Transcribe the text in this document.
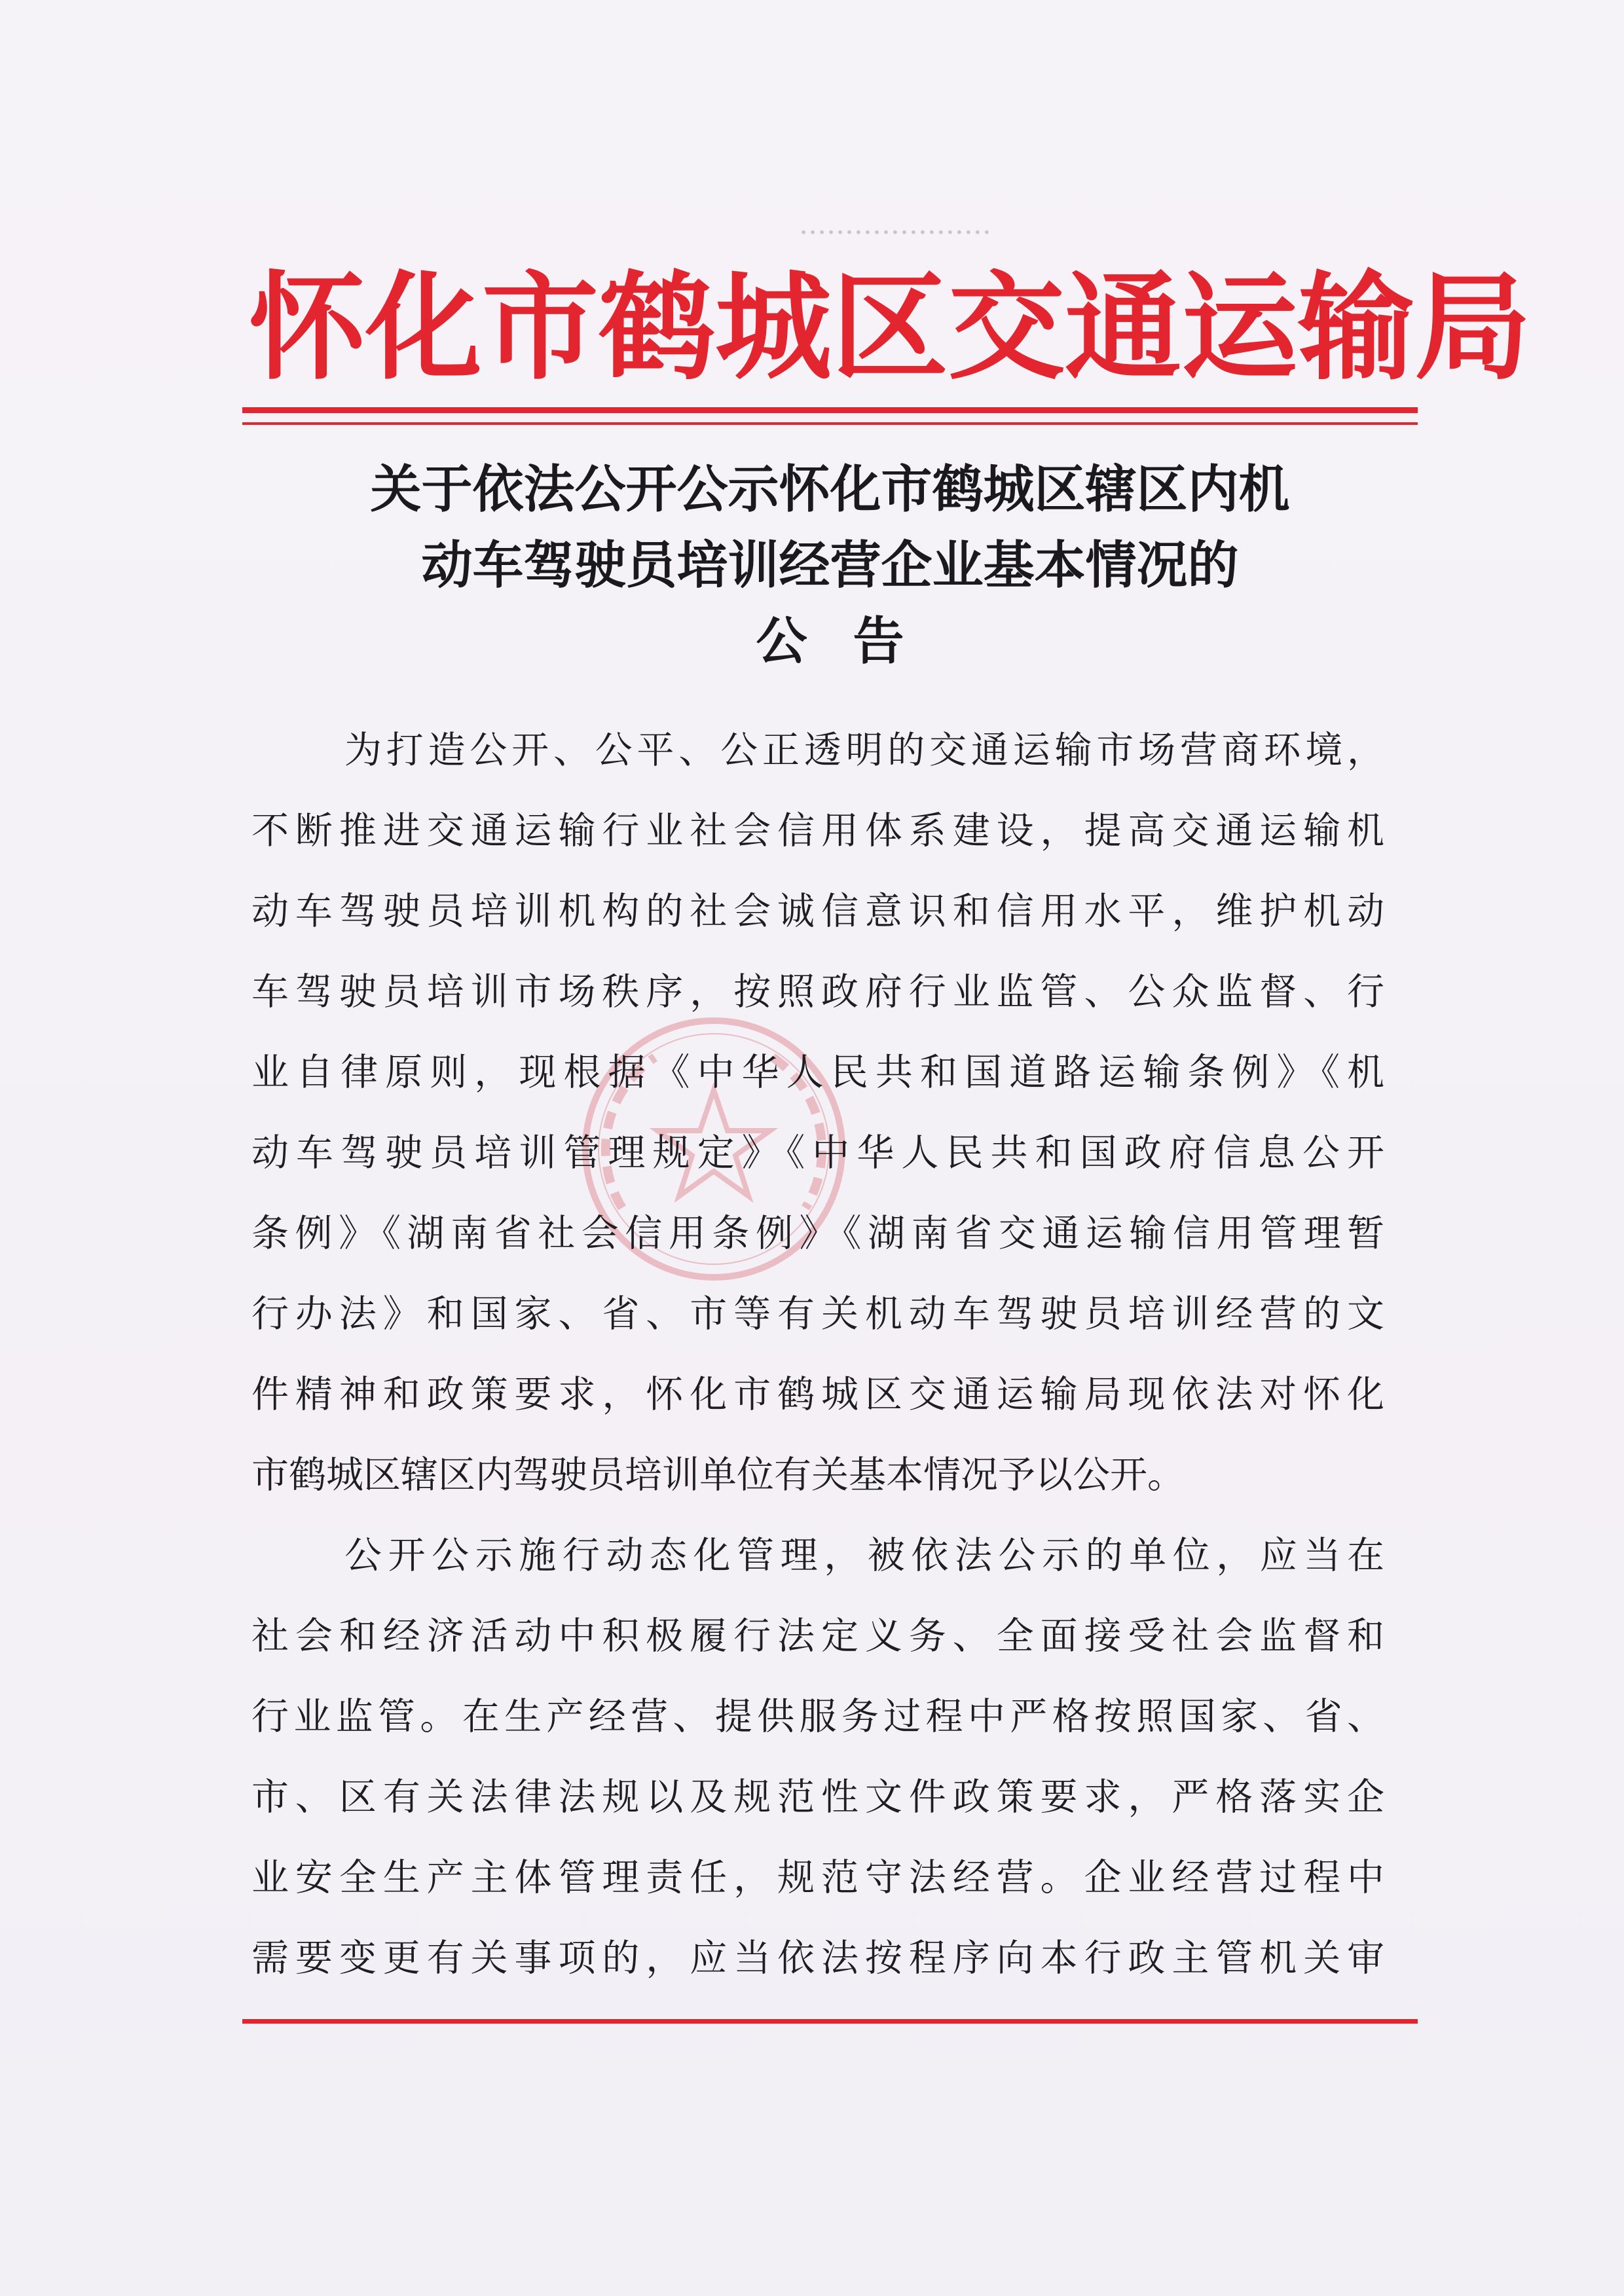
·····················
怀化市鹤城区交通运输局
关于依法公开公示怀化市鹤城区辖区内机
动车驾驶员培训经营企业基本情况的
公告
为打造公开、公平、公正透明的交通运输市场营商环境，
不断推进交通运输行业社会信用体系建设，提高交通运输机
动车驾驶员培训机构的社会诚信意识和信用水平，维护机动
车驾驶员培训市场秩序，按照政府行业监管、公众监督、行
业自律原则，现根据《中华人民共和国道路运输条例》《机
动车驾驶员培训管理规定》《中华人民共和国政府信息公开
条例》《湖南省社会信用条例》《湖南省交通运输信用管理暂
行办法》和国家、省、市等有关机动车驾驶员培训经营的文
件精神和政策要求，怀化市鹤城区交通运输局现依法对怀化
市鹤城区辖区内驾驶员培训单位有关基本情况予以公开。
公开公示施行动态化管理，被依法公示的单位，应当在
社会和经济活动中积极履行法定义务、全面接受社会监督和
行业监管。在生产经营、提供服务过程中严格按照国家、省、
市、区有关法律法规以及规范性文件政策要求，严格落实企
业安全生产主体管理责任，规范守法经营。企业经营过程中
需要变更有关事项的，应当依法按程序向本行政主管机关审
